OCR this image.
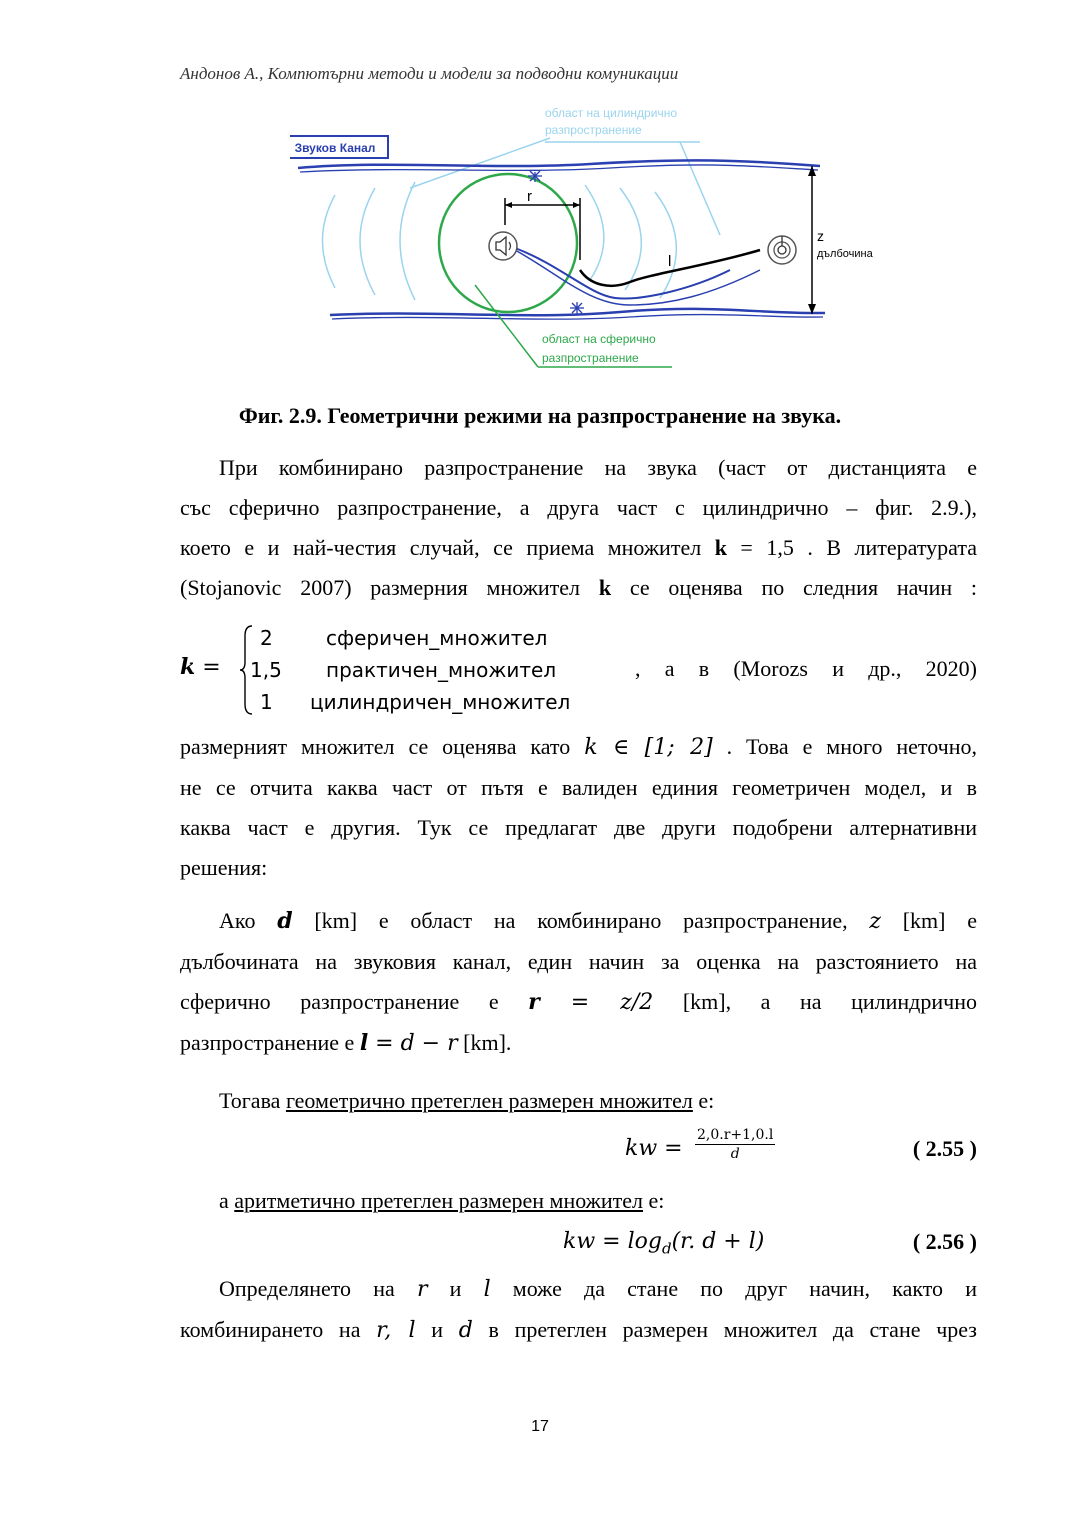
Андонов А., Компютърни методи и модели за подводни комуникации
Звуков Канал
област на цилиндрично
разпространение
r
l
z
дълбочина
област на сферично
разпространение
Фиг. 2.9. Геометрични режими на разпространение на звука.
При комбинирано разпространение на звука (част от дистанцията е
със сферично разпространение, а друга част с цилиндрично – фиг. 2.9.),
което е и най-честия случай, се приема множител k = 1,5 . В литературата
(Stojanovic 2007) размерния множител k се оценява по следния начин :
k =
2	сферичен_множител
1,5 практичен_множител
1 цилиндричен_множител
, а в (Morozs и др., 2020)
размерният множител се оценява като k ∈ [1; 2] . Това е много неточно,
не се отчита каква част от пътя е валиден единия геометричен модел, и в
каква част е другия. Тук се предлагат две други подобрени алтернативни
решения:
Ако d [km] е област на комбинирано разпространение, z [km] е
дълбочината на звуковия канал, един начин за оценка на разстоянието на
сферично разпространение е r = z/2 [km], а на цилиндрично
разпространение е l = d − r [km].
Тогава геометрично претеглен размерен множител е:
kw = $\frac{2,0.r+1,0.l}{d}$	( 2.55 )
а аритметично претеглен размерен множител е:
kw = $\log_d(r$. d + l)	( 2.56 )
Определянето на r и l може да стане по друг начин, както и
комбинирането на r, l и d в претеглен размерен множител да стане чрез
17
